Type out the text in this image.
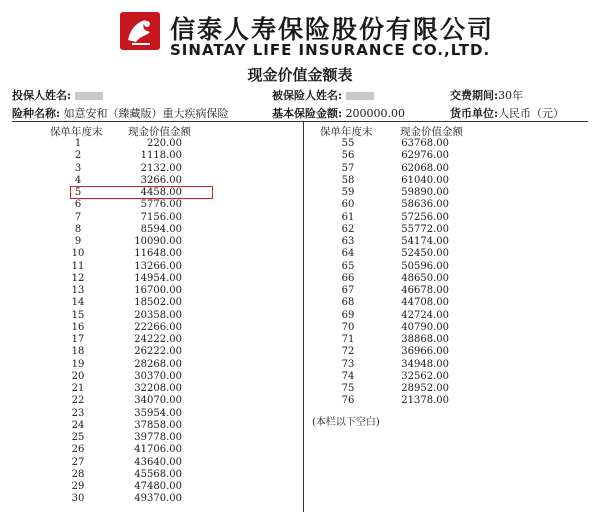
信泰人寿保险股份有限公司
SINATAY LIFE INSURANCE CO.,LTD.
现金价值金额表
投保人姓名:	被保险人姓名:	交费期间:30年
险种名称: 如意安和（臻藏版）重大疾病保险	基本保险金额: 200000.00	货币单位:人民币（元）
保单年度末 现金价值金额	保单年度末	现金价值金额
1	220.00
2	1118.00
3	2132.00
4	3266.00
5	4458.00
6	5776.00
7	7156.00
8	8594.00
9	10090.00
10	11648.00
11	13266.00
12	14954.00
13	16700.00
14	18502.00
15	20358.00
16	22266.00
17	24222.00
18	26222.00
19	28268.00
20	30370.00
21	32208.00
22	34070.00
23	35954.00
24	37858.00
25	39778.00
26	41706.00
27	43640.00
28	45568.00
29	47480.00
30	49370.00
55	63768.00
56	62976.00
57	62068.00
58	61040.00
59	59890.00
60	58636.00
61	57256.00
62	55772.00
63	54174.00
64	52450.00
65	50596.00
66	48650.00
67	46678.00
68	44708.00
69	42724.00
70	40790.00
71	38868.00
72	36966.00
73	34948.00
74	32562.00
75	28952.00
76	21378.00
(本栏以下空白)
